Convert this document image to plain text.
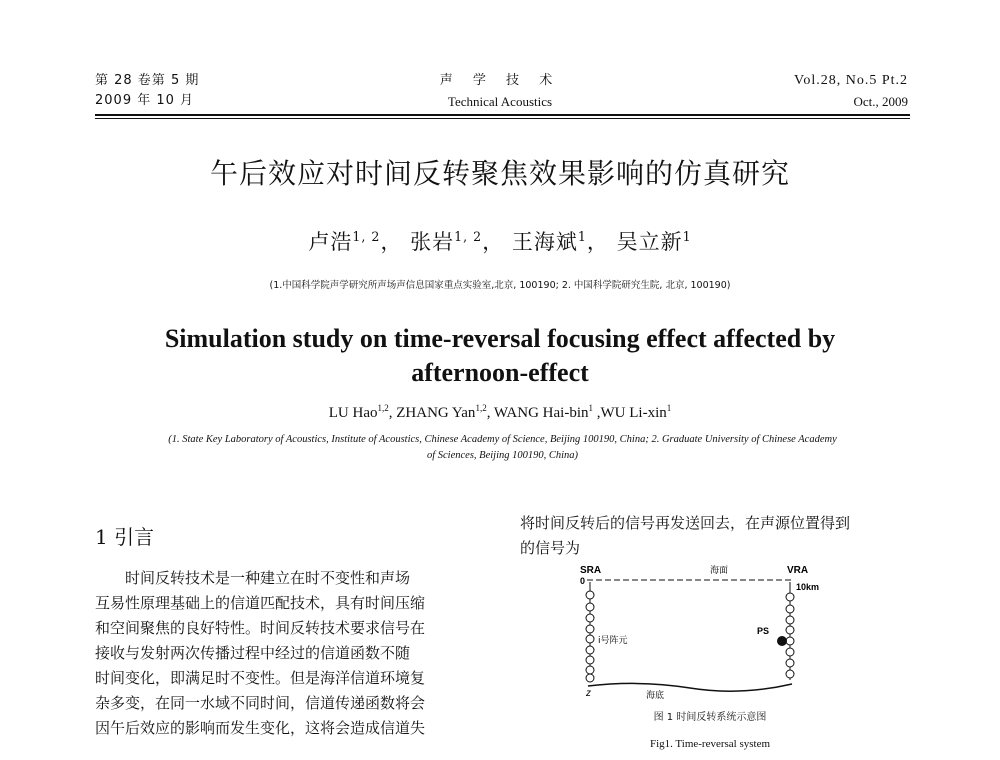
第 28 卷第 5 期
2009 年 10 月
声 学 技 术
Technical Acoustics
Vol.28, No.5 Pt.2
Oct., 2009
午后效应对时间反转聚焦效果影响的仿真研究
卢浩$^{1, 2}$， 张岩$^{1, 2}$， 王海斌$^1$， 吴立新$^1$
(1.中国科学院声学研究所声场声信息国家重点实验室,北京, 100190; 2. 中国科学院研究生院, 北京, 100190)
Simulation study on time-reversal focusing effect affected by
afternoon-effect
LU Hao$^{1,2}$, ZHANG Yan$^{1,2}$, WANG Hai-bin$^1$ ,WU Li-xin$^1$
(1. State Key Laboratory of Acoustics, Institute of Acoustics, Chinese Academy of Science, Beijing 100190, China; 2. Graduate University of Chinese Academy
of Sciences, Beijing 100190, China)
1 引言
时间反转技术是一种建立在时不变性和声场
互易性原理基础上的信道匹配技术，具有时间压缩
和空间聚焦的良好特性。时间反转技术要求信号在
接收与发射两次传播过程中经过的信道函数不随
时间变化，即满足时不变性。但是海洋信道环境复
杂多变，在同一水域不同时间，信道传递函数将会
因午后效应的影响而发生变化，这将会造成信道失
将时间反转后的信号再发送回去，在声源位置得到
的信号为
SRA	VRA
海面
0
10km
PS
i号阵元
z	海底
图 1 时间反转系统示意图
Fig1. Time-reversal system
